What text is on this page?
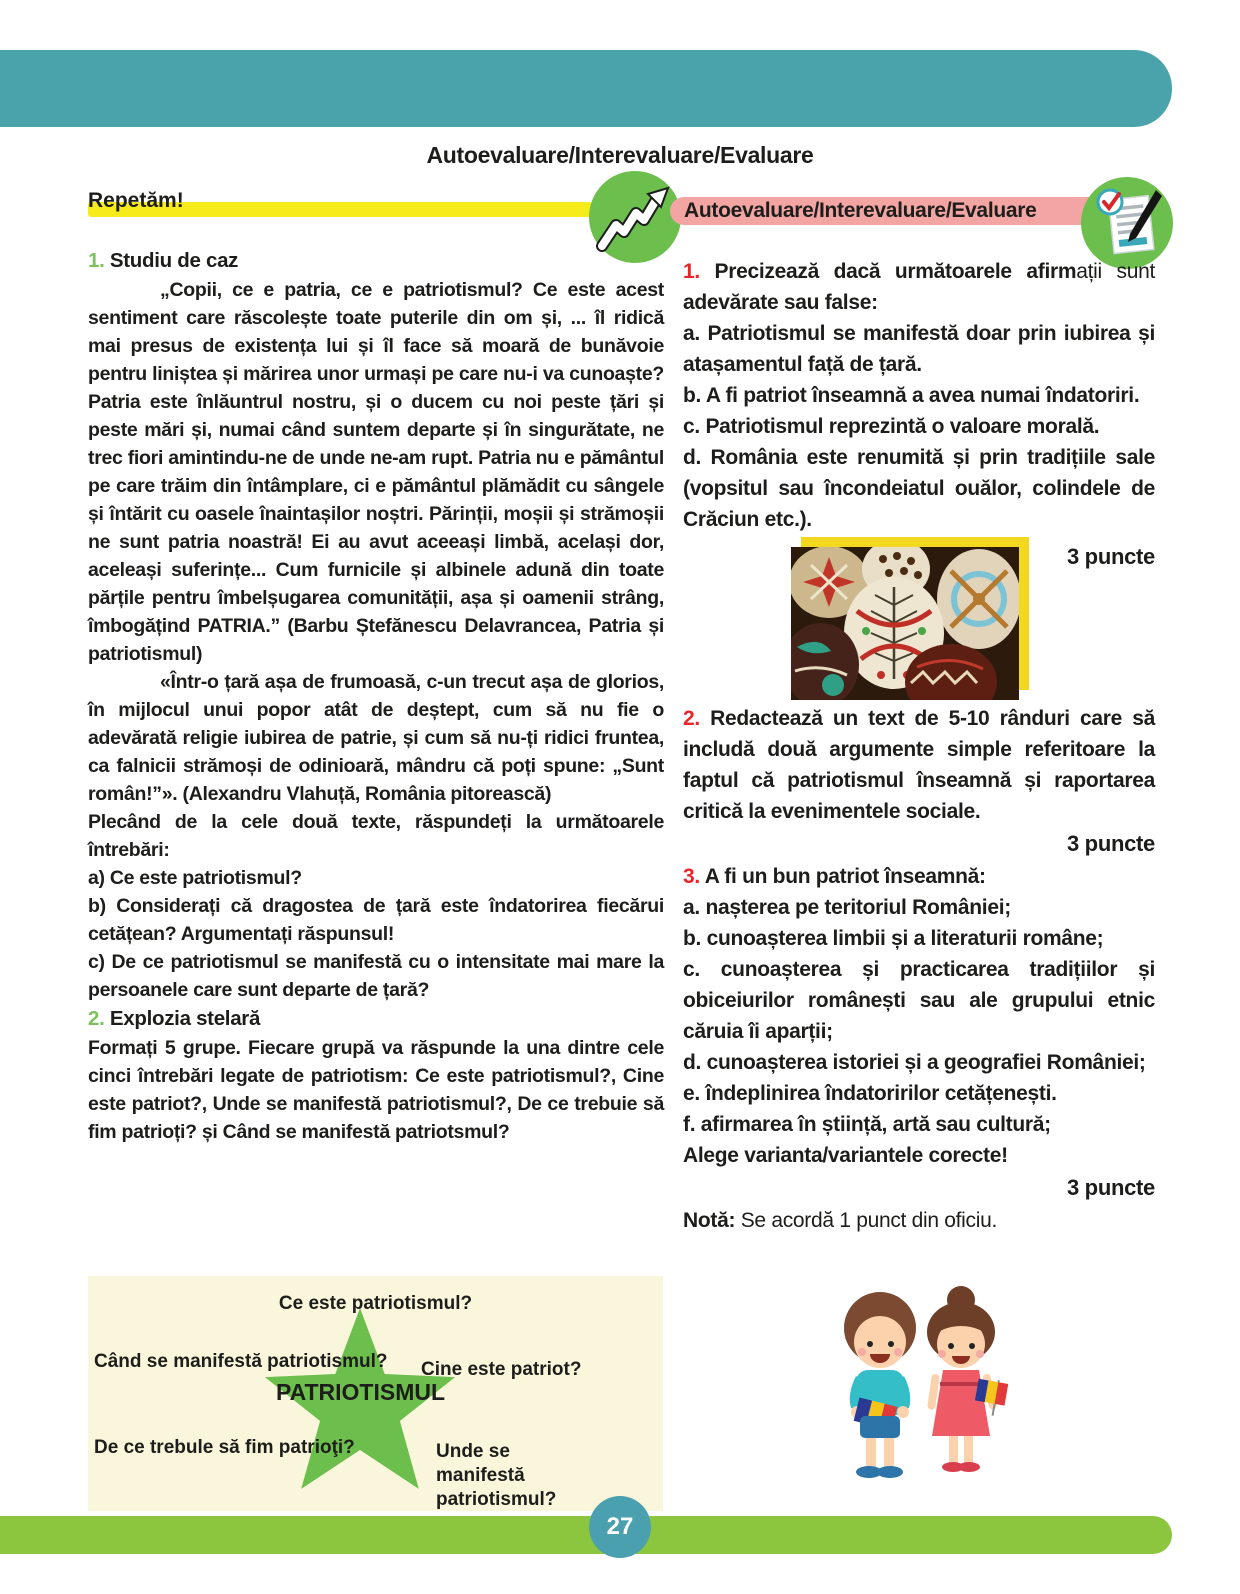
Autoevaluare/Interevaluare/Evaluare
Repetăm!	Autoevaluare/Interevaluare/Evaluare
1. Studiu de caz

„Copii, ce e patria, ce e patriotismul? Ce este acest sentiment care răscolește toate puterile din om și, ... îl ridică mai presus de existența lui și îl face să moară de bunăvoie pentru liniștea și mărirea unor urmași pe care nu-i va cunoaște? Patria este înlăuntrul nostru, și o ducem cu noi peste țări și peste mări și, numai când suntem departe și în singurătate, ne trec fiori amintindu-ne de unde ne-am rupt. Patria nu e pământul pe care trăim din întâmplare, ci e pământul plămădit cu sângele și întărit cu oasele înaintașilor noștri. Părinții, moșii și strămoșii ne sunt patria noastră! Ei au avut aceeași limbă, același dor, aceleași suferințe... Cum furnicile și albinele adună din toate părțile pentru îmbelșugarea comunității, așa și oamenii strâng, îmbogățind PATRIA.” (Barbu Ștefănescu Delavrancea, Patria și patriotismul)

«Într-o țară așa de frumoasă, c-un trecut așa de glorios, în mijlocul unui popor atât de deștept, cum să nu fie o adevărată religie iubirea de patrie, și cum să nu-ți ridici fruntea, ca falnicii strămoși de odinioară, mândru că poți spune: „Sunt român!”». (Alexandru Vlahuță, România pitorească)

Plecând de la cele două texte, răspundeți la următoarele întrebări:

a) Ce este patriotismul?

b) Considerați că dragostea de țară este îndatorirea fiecărui cetățean? Argumentați răspunsul!

c) De ce patriotismul se manifestă cu o intensitate mai mare la persoanele care sunt departe de țară?

2. Explozia stelară

Formați 5 grupe. Fiecare grupă va răspunde la una dintre cele cinci întrebări legate de patriotism: Ce este patriotismul?, Cine este patriot?, Unde se manifestă patriotismul?, De ce trebuie să fim patrioți? și Când se manifestă patriotsmul?

1. Precizează dacă următoarele afirmații sunt adevărate sau false:

a. Patriotismul se manifestă doar prin iubirea și atașamentul față de țară.

b. A fi patriot înseamnă a avea numai îndatoriri.

c. Patriotismul reprezintă o valoare morală.

d. România este renumită și prin tradițiile sale (vopsitul sau încondeiatul ouălor, colindele de Crăciun etc.).

3 puncte

2. Redactează un text de 5-10 rânduri care să includă două argumente simple referitoare la faptul că patriotismul înseamnă și raportarea critică la evenimentele sociale.

3 puncte

3. A fi un bun patriot înseamnă:

a. nașterea pe teritoriul României;

b. cunoașterea limbii și a literaturii române;

c. cunoașterea și practicarea tradițiilor și obiceiurilor românești sau ale grupului etnic căruia îi aparții;

d. cunoașterea istoriei și a geografiei României;

e. îndeplinirea îndatoririlor cetățenești.

f. afirmarea în știință, artă sau cultură;

Alege varianta/variantele corecte!

3 puncte

Notă: Se acordă 1 punct din oficiu.

Ce este patriotismul?
Când se manifestă patriotismul? Cine este patriot?
PATRIOTISMUL
De ce trebule să fim patrioţi?	Unde se manifestă patriotismul?
27
